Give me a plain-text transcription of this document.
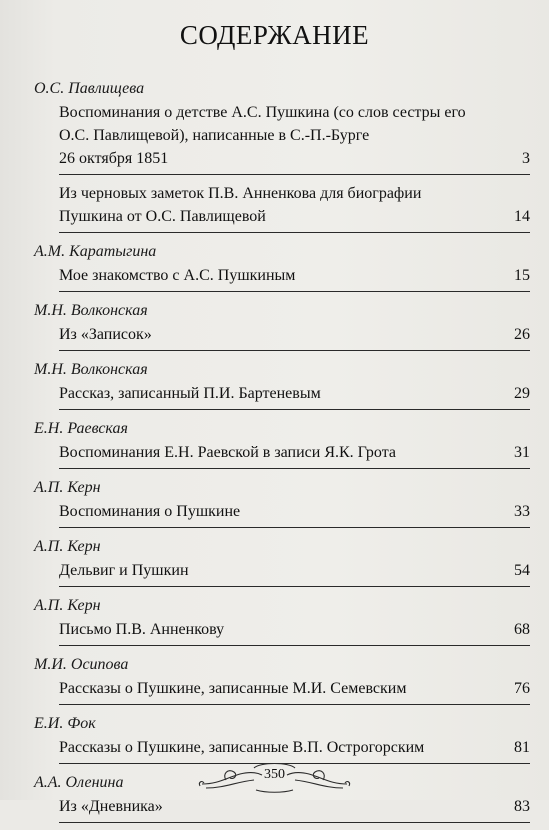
СОДЕРЖАНИЕ
О.С. Павлищева
Воспоминания о детстве А.С. Пушкина (со слов сестры его
О.С. Павлищевой), написанные в С.-П.-Бурге
26 октября 1851	3
Из черновых заметок П.В. Анненкова для биографии
Пушкина от О.С. Павлищевой	14
А.М. Каратыгина
Мое знакомство с А.С. Пушкиным	15
М.Н. Волконская
Из «Записок»	26
М.Н. Волконская
Рассказ, записанный П.И. Бартеневым	29
Е.Н. Раевская
Воспоминания Е.Н. Раевской в записи Я.К. Грота	31
А.П. Керн
Воспоминания о Пушкине	33
А.П. Керн
Дельвиг и Пушкин	54
А.П. Керн
Письмо П.В. Анненкову	68
М.И. Осипова
Рассказы о Пушкине, записанные М.И. Семевским	76
Е.И. Фок
Рассказы о Пушкине, записанные В.П. Острогорским	81
А.А. Оленина
Из «Дневника»	83
350
